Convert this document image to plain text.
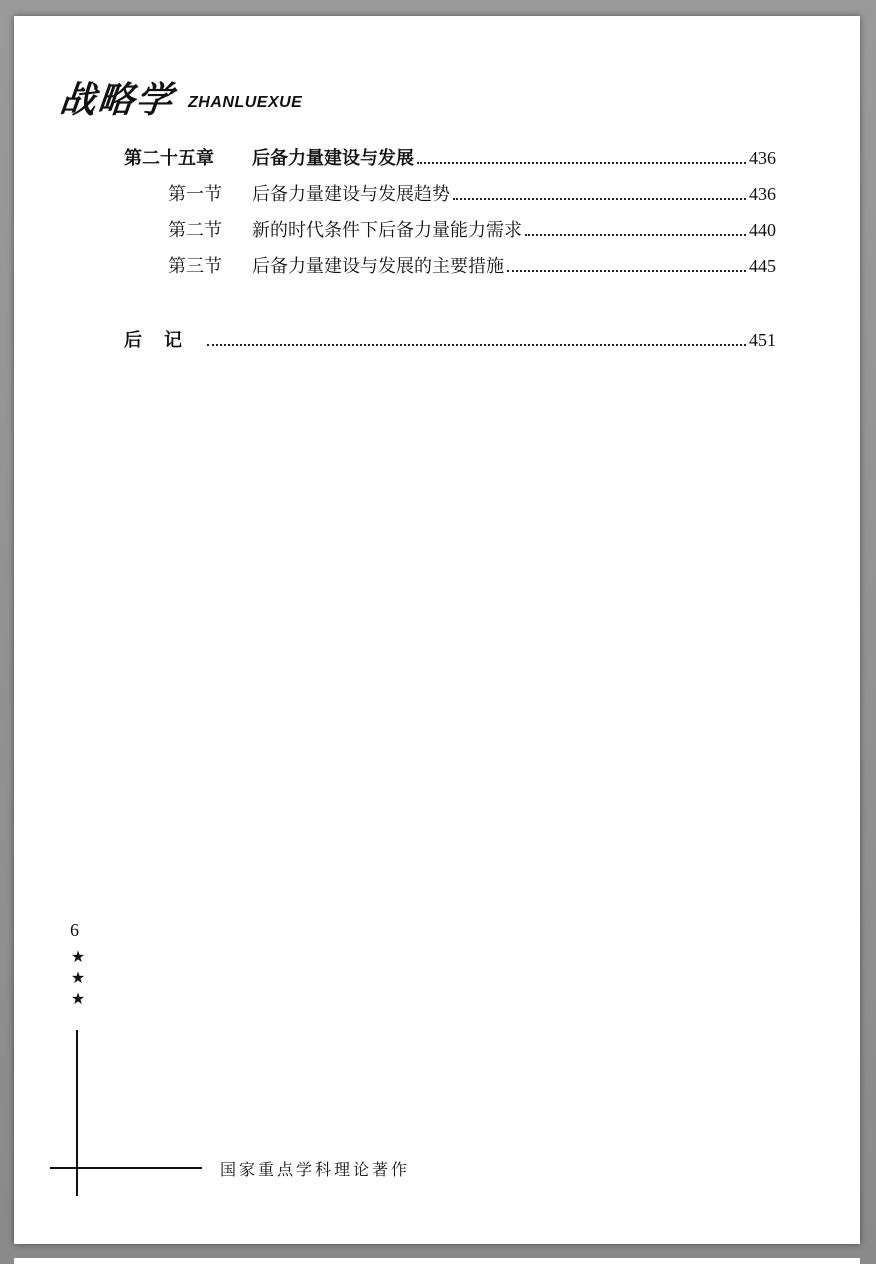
战略学 ZHANLUEXUE
第二十五章	后备力量建设与发展	436
第一节	后备力量建设与发展趋势	436
第二节	新的时代条件下后备力量能力需求	440
第三节	后备力量建设与发展的主要措施	445
后记	451
6
★
★
★
国家重点学科理论著作
